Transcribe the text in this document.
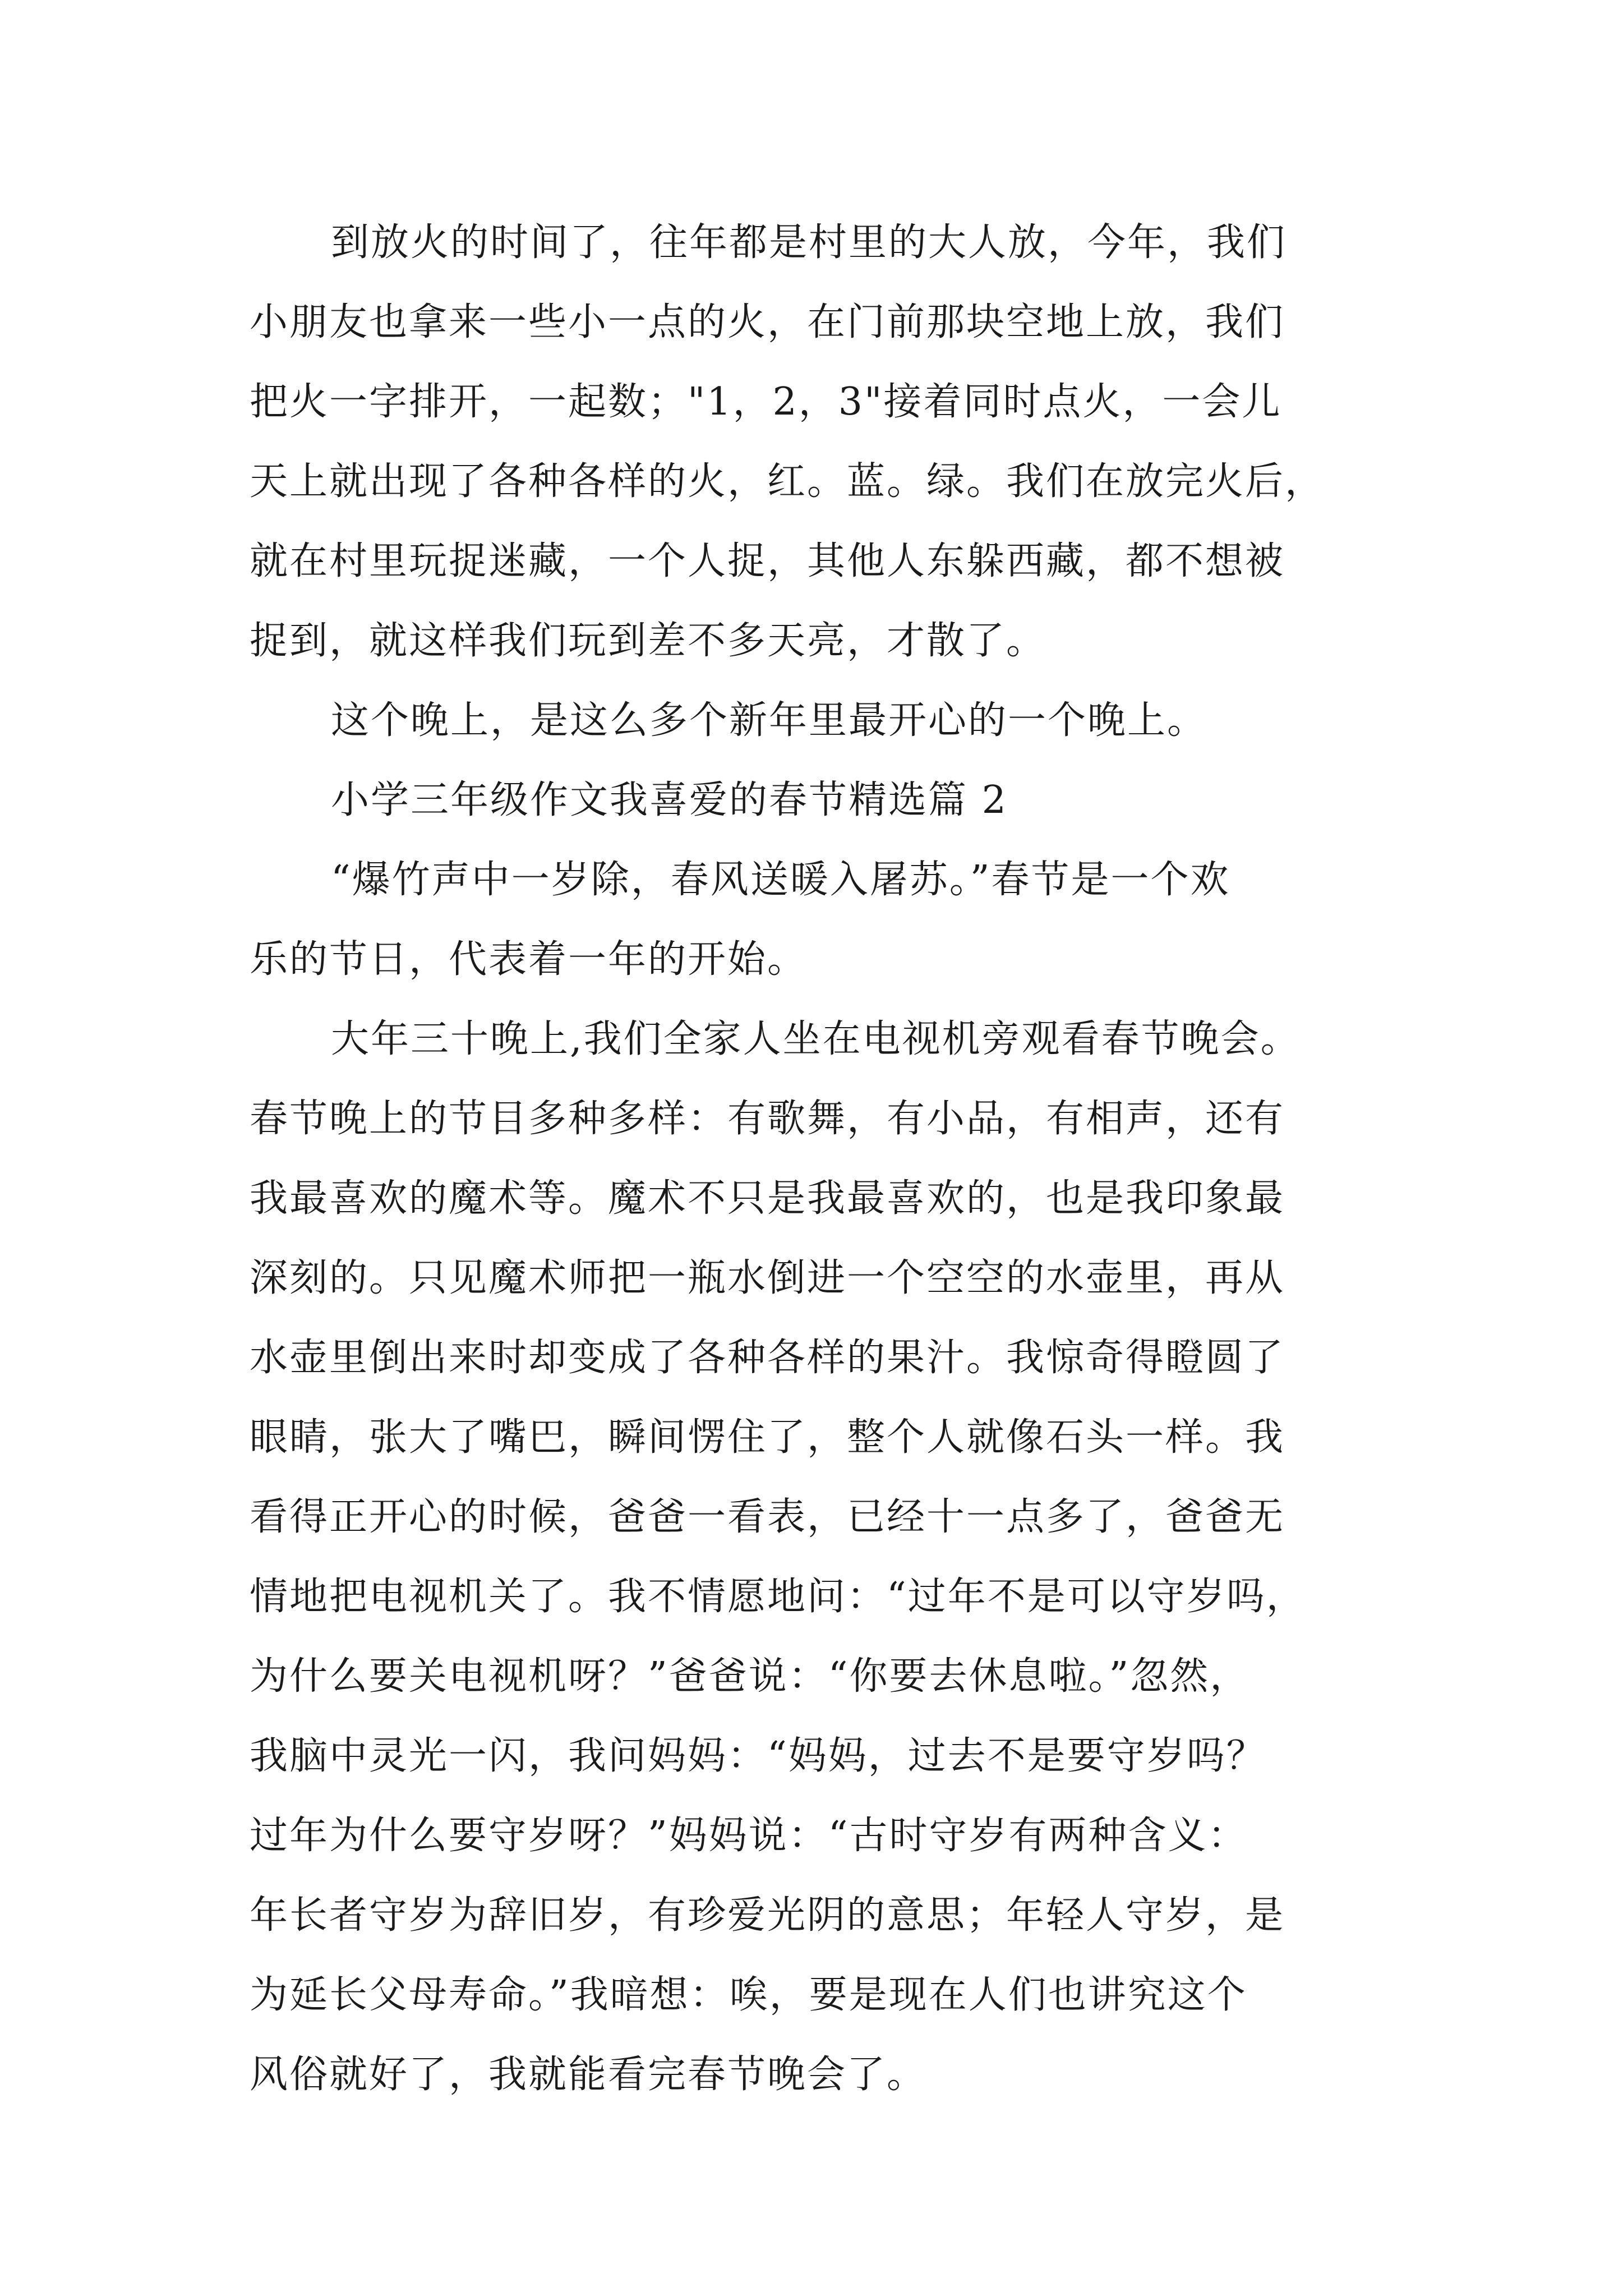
到放火的时间了，往年都是村里的大人放，今年，我们

小朋友也拿来一些小一点的火，在门前那块空地上放，我们

把火一字排开，一起数；"1，2，3"接着同时点火，一会儿

天上就出现了各种各样的火，红。蓝。绿。我们在放完火后，

就在村里玩捉迷藏，一个人捉，其他人东躲西藏，都不想被

捉到，就这样我们玩到差不多天亮，才散了。

这个晚上，是这么多个新年里最开心的一个晚上。

小学三年级作文我喜爱的春节精选篇 2

“爆竹声中一岁除，春风送暖入屠苏。”春节是一个欢

乐的节日，代表着一年的开始。

大年三十晚上,我们全家人坐在电视机旁观看春节晚会。

春节晚上的节目多种多样：有歌舞，有小品，有相声，还有

我最喜欢的魔术等。魔术不只是我最喜欢的，也是我印象最

深刻的。只见魔术师把一瓶水倒进一个空空的水壶里，再从

水壶里倒出来时却变成了各种各样的果汁。我惊奇得瞪圆了

眼睛，张大了嘴巴，瞬间愣住了，整个人就像石头一样。我

看得正开心的时候，爸爸一看表，已经十一点多了，爸爸无

情地把电视机关了。我不情愿地问：“过年不是可以守岁吗，

为什么要关电视机呀？”爸爸说：“你要去休息啦。”忽然，

我脑中灵光一闪，我问妈妈：“妈妈，过去不是要守岁吗？

过年为什么要守岁呀？”妈妈说：“古时守岁有两种含义：

年长者守岁为辞旧岁，有珍爱光阴的意思；年轻人守岁，是

为延长父母寿命。”我暗想：唉，要是现在人们也讲究这个

风俗就好了，我就能看完春节晚会了。
